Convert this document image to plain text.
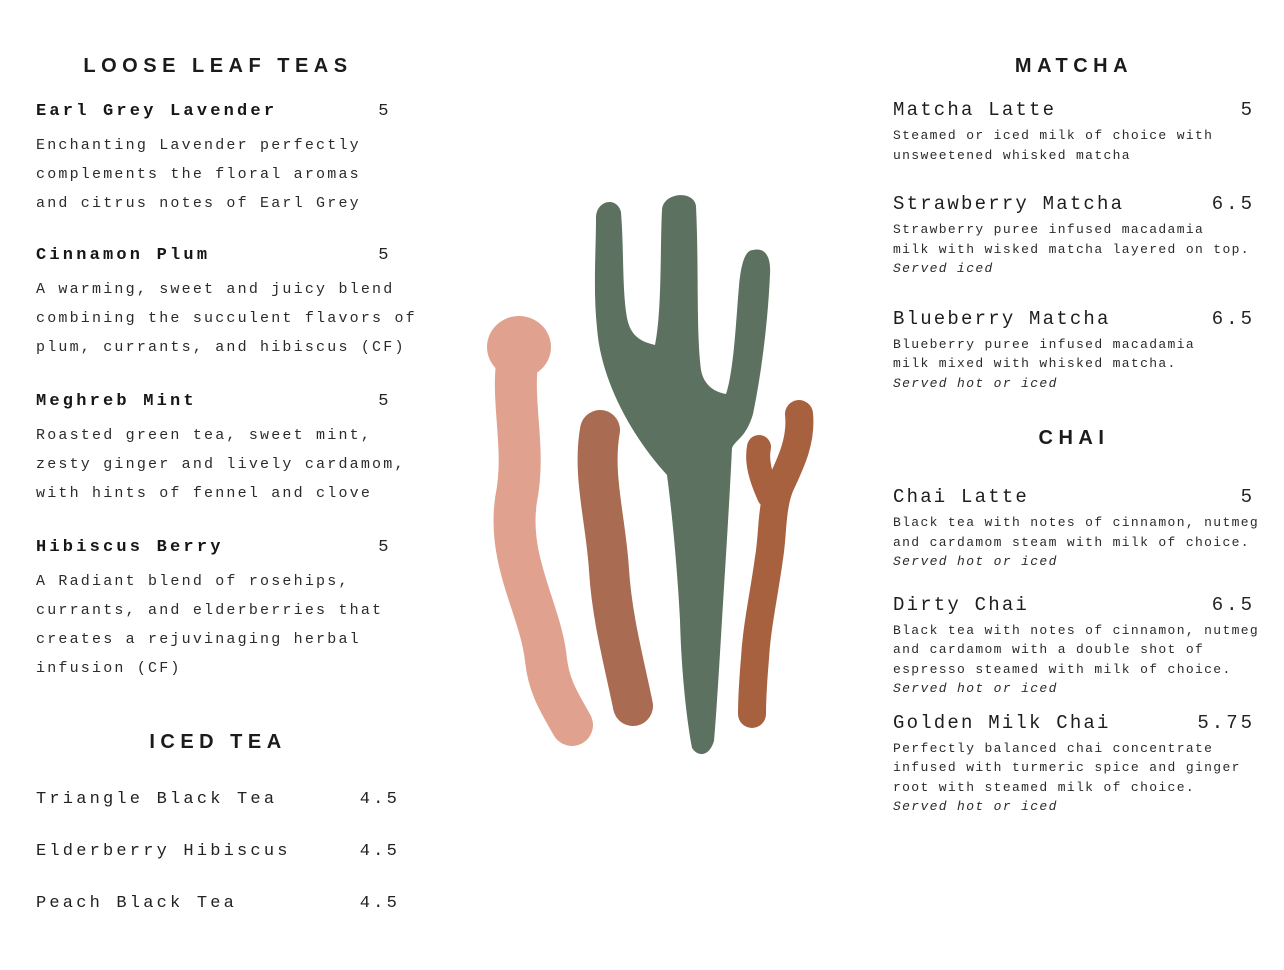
LOOSE LEAF TEAS
Earl Grey Lavender	5
Enchanting Lavender perfectly
complements the floral aromas
and citrus notes of Earl Grey
Cinnamon Plum	5
A warming, sweet and juicy blend
combining the succulent flavors of
plum, currants, and hibiscus (CF)
Meghreb Mint	5
Roasted green tea, sweet mint,
zesty ginger and lively cardamom,
with hints of fennel and clove
Hibiscus Berry	5
A Radiant blend of rosehips,
currants, and elderberries that
creates a rejuvinaging herbal
infusion (CF)
ICED TEA
Triangle Black Tea	4.5
Elderberry Hibiscus	4.5
Peach Black Tea	4.5
MATCHA
Matcha Latte	5
Steamed or iced milk of choice with
unsweetened whisked matcha
Strawberry Matcha	6.5
Strawberry puree infused macadamia
milk with wisked matcha layered on top.
Served iced
Blueberry Matcha	6.5
Blueberry puree infused macadamia
milk mixed with whisked matcha.
Served hot or iced
CHAI
Chai Latte	5
Black tea with notes of cinnamon, nutmeg
and cardamom steam with milk of choice.
Served hot or iced
Dirty Chai	6.5
Black tea with notes of cinnamon, nutmeg
and cardamom with a double shot of
espresso steamed with milk of choice.
Served hot or iced
Golden Milk Chai	5.75
Perfectly balanced chai concentrate
infused with turmeric spice and ginger
root with steamed milk of choice.
Served hot or iced
